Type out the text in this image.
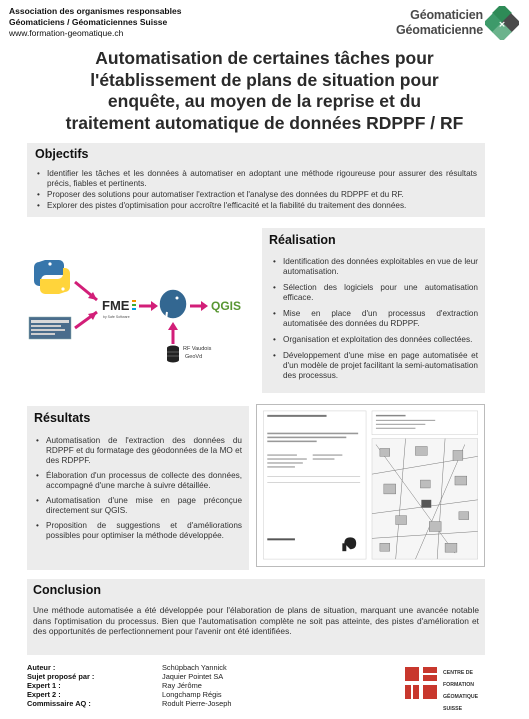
Association des organismes responsables
Géomaticiens / Géomaticiennes Suisse
www.formation-geomatique.ch
Géomaticien
Géomaticienne ×
Automatisation de certaines tâches pour
l'établissement de plans de situation pour
enquête, au moyen de la reprise et du
traitement automatique de données RDPPF / RF
Objectifs
• Identifier les tâches et les données à automatiser en adoptant une méthode rigoureuse pour assurer des résultats précis, fiables et pertinents.
• Proposer des solutions pour automatiser l'extraction et l'analyse des données du RDPPF et du RF.
• Explorer des pistes d'optimisation pour accroître l'efficacité et la fiabilité du traitement des données.
FME
by Safe Software
QGIS
RF Vaudois
GeoVd
Réalisation
• Identification des données exploitables en vue de leur automatisation.
• Sélection des logiciels pour une automatisation efficace.
• Mise en place d'un processus d'extraction automatisée des données du RDPPF.
• Organisation et exploitation des données collectées.
• Développement d'une mise en page automatisée et d'un modèle de projet facilitant la semi-automatisation des processus.
Résultats
• Automatisation de l'extraction des données du RDPPF et du formatage des géodonnées de la MO et des RDPPF.
• Élaboration d'un processus de collecte des données, accompagné d'une marche à suivre détaillée.
• Automatisation d'une mise en page préconçue directement sur QGIS.
• Proposition de suggestions et d'améliorations possibles pour optimiser la méthode développée.
Conclusion

Une méthode automatisée a été développée pour l'élaboration de plans de situation, marquant une avancée notable dans l'optimisation du processus. Bien que l'automatisation complète ne soit pas atteinte, des pistes d'amélioration et des opportunités de perfectionnement pour l'avenir ont été identifiées.

Auteur :	Schüpbach Yannick
Sujet proposé par :	Jaquier Pointet SA
Expert 1 :	Ray Jérôme
Expert 2 :	Longchamp Régis
Commissaire AQ :	Rodult Pierre-Joseph
CENTRE DE FORMATION
GÉOMATIQUE
SUISSE
